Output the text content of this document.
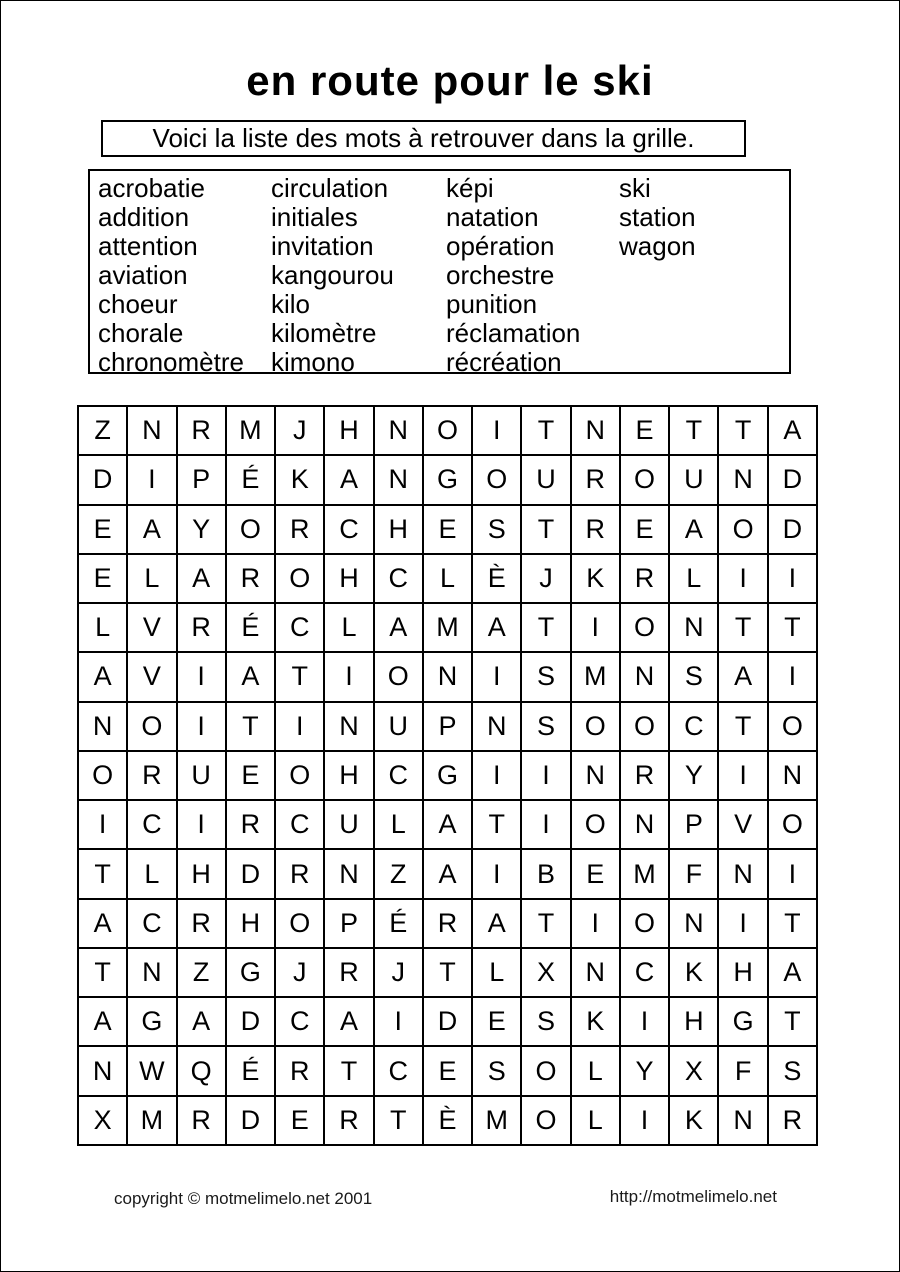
en route pour le ski
Voici la liste des mots à retrouver dans la grille.
acrobatie
addition
attention
aviation
choeur
chorale
chronomètre
circulation
initiales
invitation
kangourou
kilo
kilomètre
kimono
képi
natation
opération
orchestre
punition
réclamation
récréation
ski
station
wagon
Z	N	R	M	J	H	N	O	I	T	N	E	T	T	A
D	I	P	É	K	A	N	G	O	U	R	O	U	N	D
E	A	Y	O	R	C	H	E	S	T	R	E	A	O	D
E	L	A	R	O	H	C	L	È	J	K	R	L	I	I
L	V	R	É	C	L	A	M	A	T	I	O	N	T	T
A	V	I	A	T	I	O	N	I	S	M	N	S	A	I
N	O	I	T	I	N	U	P	N	S	O	O	C	T	O
O	R	U	E	O	H	C	G	I	I	N	R	Y	I	N
I	C	I	R	C	U	L	A	T	I	O	N	P	V	O
T	L	H	D	R	N	Z	A	I	B	E	M	F	N	I
A	C	R	H	O	P	É	R	A	T	I	O	N	I	T
T	N	Z	G	J	R	J	T	L	X	N	C	K	H	A
A	G	A	D	C	A	I	D	E	S	K	I	H	G	T
N W Q	É	R	T	C	E	S	O	L	Y	X	F	S
X	M	R	D	E	R	T	È	M	O	L	I	K	N	R
copyright © motmelimelo.net 2001	http://motmelimelo.net
